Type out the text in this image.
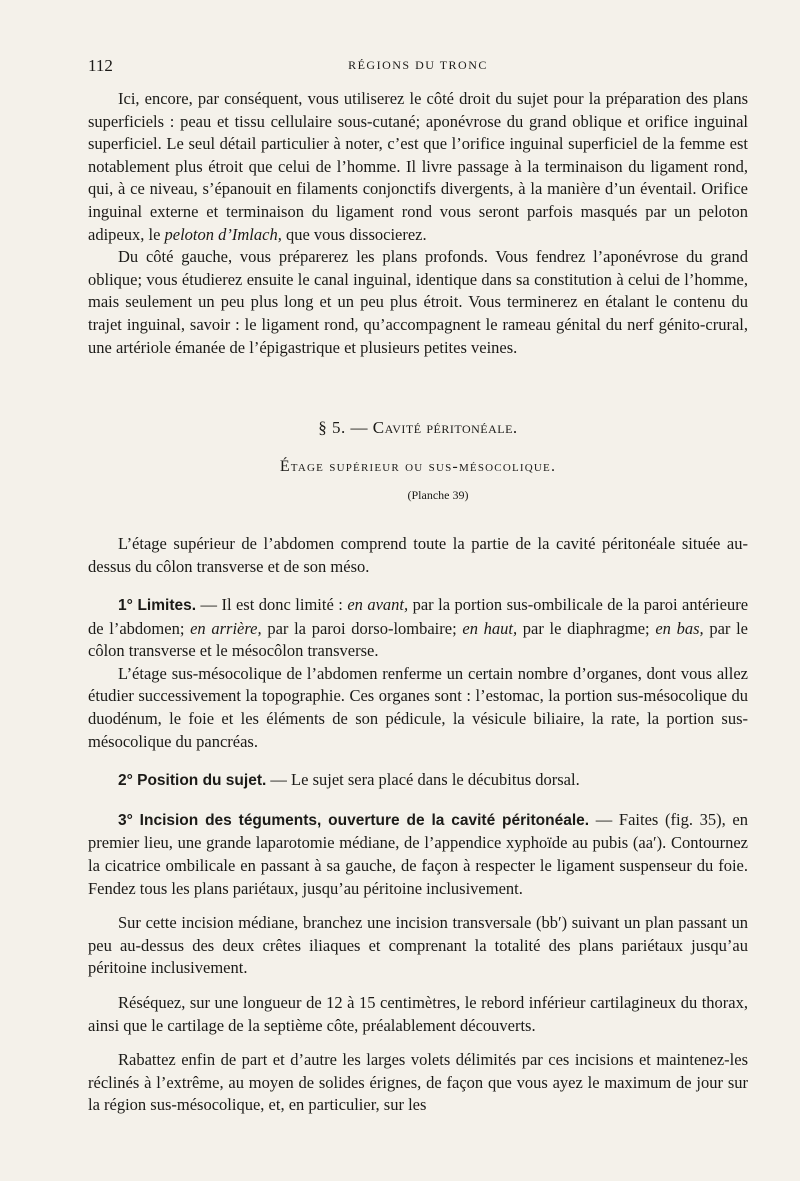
112	RÉGIONS DU TRONC

Ici, encore, par conséquent, vous utiliserez le côté droit du sujet pour la préparation des plans superficiels : peau et tissu cellulaire sous-cutané; aponévrose du grand oblique et orifice inguinal superficiel. Le seul détail particulier à noter, c’est que l’orifice inguinal superficiel de la femme est notablement plus étroit que celui de l’homme. Il livre passage à la terminaison du ligament rond, qui, à ce niveau, s’épanouit en filaments conjonctifs divergents, à la manière d’un éventail. Orifice inguinal externe et terminaison du ligament rond vous seront parfois masqués par un peloton adipeux, le peloton d’Imlach, que vous dissocierez.

Du côté gauche, vous préparerez les plans profonds. Vous fendrez l’aponévrose du grand oblique; vous étudierez ensuite le canal inguinal, identique dans sa constitution à celui de l’homme, mais seulement un peu plus long et un peu plus étroit. Vous terminerez en étalant le contenu du trajet inguinal, savoir : le ligament rond, qu’accompagnent le rameau génital du nerf génito-crural, une artériole émanée de l’épigastrique et plusieurs petites veines.

§ 5. — Cavité péritonéale.
Étage supérieur ou sus-mésocolique.
(Planche 39)

L’étage supérieur de l’abdomen comprend toute la partie de la cavité péritonéale située au-dessus du côlon transverse et de son méso.

1° Limites. — Il est donc limité : en avant, par la portion sus-ombilicale de la paroi antérieure de l’abdomen; en arrière, par la paroi dorso-lombaire; en haut, par le diaphragme; en bas, par le côlon transverse et le mésocôlon transverse.

L’étage sus-mésocolique de l’abdomen renferme un certain nombre d’organes, dont vous allez étudier successivement la topographie. Ces organes sont : l’estomac, la portion sus-mésocolique du duodénum, le foie et les éléments de son pédicule, la vésicule biliaire, la rate, la portion sus-mésocolique du pancréas.

2° Position du sujet. — Le sujet sera placé dans le décubitus dorsal.

3° Incision des téguments, ouverture de la cavité péritonéale. — Faites (fig. 35), en premier lieu, une grande laparotomie médiane, de l’appendice xyphoïde au pubis (aa′). Contournez la cicatrice ombilicale en passant à sa gauche, de façon à respecter le ligament suspenseur du foie. Fendez tous les plans pariétaux, jusqu’au péritoine inclusivement.

Sur cette incision médiane, branchez une incision transversale (bb′) suivant un plan passant un peu au-dessus des deux crêtes iliaques et comprenant la totalité des plans pariétaux jusqu’au péritoine inclusivement.

Réséquez, sur une longueur de 12 à 15 centimètres, le rebord inférieur cartilagineux du thorax, ainsi que le cartilage de la septième côte, préalablement découverts.

Rabattez enfin de part et d’autre les larges volets délimités par ces incisions et maintenez-les réclinés à l’extrême, au moyen de solides érignes, de façon que vous ayez le maximum de jour sur la région sus-mésocolique, et, en particulier, sur les
